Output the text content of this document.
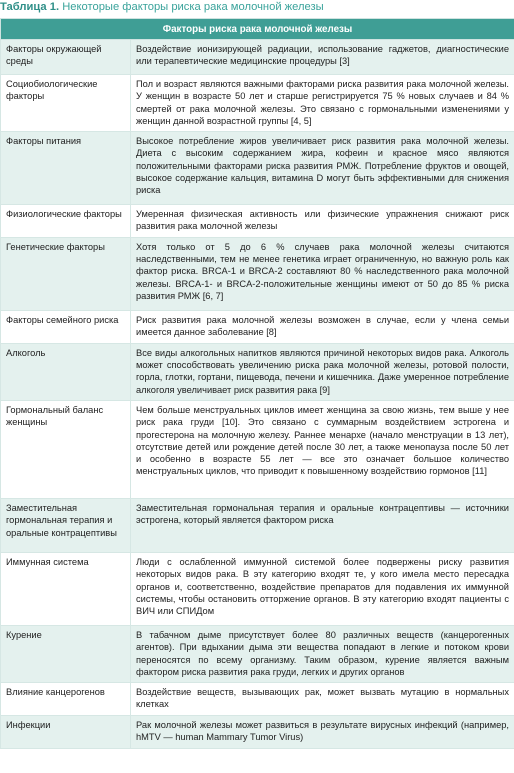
Таблица 1. Некоторые факторы риска рака молочной железы
Факторы риска рака молочной железы	
Факторы окружающей среды	Воздействие ионизирующей радиации, использование гаджетов, диагностические или терапевтические медицинские процедуры [3]
Социобиологические факторы	Пол и возраст являются важными факторами риска развития рака молочной железы. У женщин в возрасте 50 лет и старше регистрируется 75 % новых случаев и 84 % смертей от рака молочной железы. Это связано с гормональными изменениями у женщин данной возрастной группы [4, 5]
Факторы питания	Высокое потребление жиров увеличивает риск развития рака молочной железы. Диета с высоким содержанием жира, кофеин и красное мясо являются положительными факторами риска развития РМЖ. Потребление фруктов и овощей, высокое содержание кальция, витамина D могут быть эффективными для снижения риска
Физиологические факторы	Умеренная физическая активность или физические упражнения снижают риск развития рака молочной железы
Генетические факторы	Хотя только от 5 до 6 % случаев рака молочной железы считаются наследственными, тем не менее генетика играет ограниченную, но важную роль как фактор риска. BRCA-1 и BRCA-2 составляют 80 % наследственного рака молочной железы. BRCA-1- и BRCA-2-положительные женщины имеют от 50 до 85 % риска развития РМЖ [6, 7]
Факторы семейного риска	Риск развития рака молочной железы возможен в случае, если у члена семьи имеется данное заболевание [8]
Алкоголь	Все виды алкогольных напитков являются причиной некоторых видов рака. Алкоголь может способствовать увеличению риска рака молочной железы, ротовой полости, горла, глотки, гортани, пищевода, печени и кишечника. Даже умеренное потребление алкоголя увеличивает риск развития рака [9]
Гормональный баланс женщины	Чем больше менструальных циклов имеет женщина за свою жизнь, тем выше у нее риск рака груди [10]. Это связано с суммарным воздействием эстрогена и прогестерона на молочную железу. Раннее менархе (начало менструации в 13 лет), отсутствие детей или рождение детей после 30 лет, а также менопауза после 50 лет и особенно в возрасте 55 лет — все это означает большое количество менструальных циклов, что приводит к повышенному воздействию гормонов [11]
Заместительная гормональная терапия и оральные контрацептивы	Заместительная гормональная терапия и оральные контрацептивы — источники эстрогена, который является фактором риска
Иммунная система	Люди с ослабленной иммунной системой более подвержены риску развития некоторых видов рака. В эту категорию входят те, у кого имела место пересадка органов и, соответственно, воздействие препаратов для подавления их иммунной системы, чтобы остановить отторжение органов. В эту категорию входят пациенты с ВИЧ или СПИДом
Курение	В табачном дыме присутствует более 80 различных веществ (канцерогенных агентов). При вдыхании дыма эти вещества попадают в легкие и потоком крови переносятся по всему организму. Таким образом, курение является важным фактором риска развития рака груди, легких и других органов
Влияние канцерогенов	Воздействие веществ, вызывающих рак, может вызвать мутацию в нормальных клетках
Инфекции	Рак молочной железы может развиться в результате вирусных инфекций (например, hMTV — human Mammary Tumor Virus)
